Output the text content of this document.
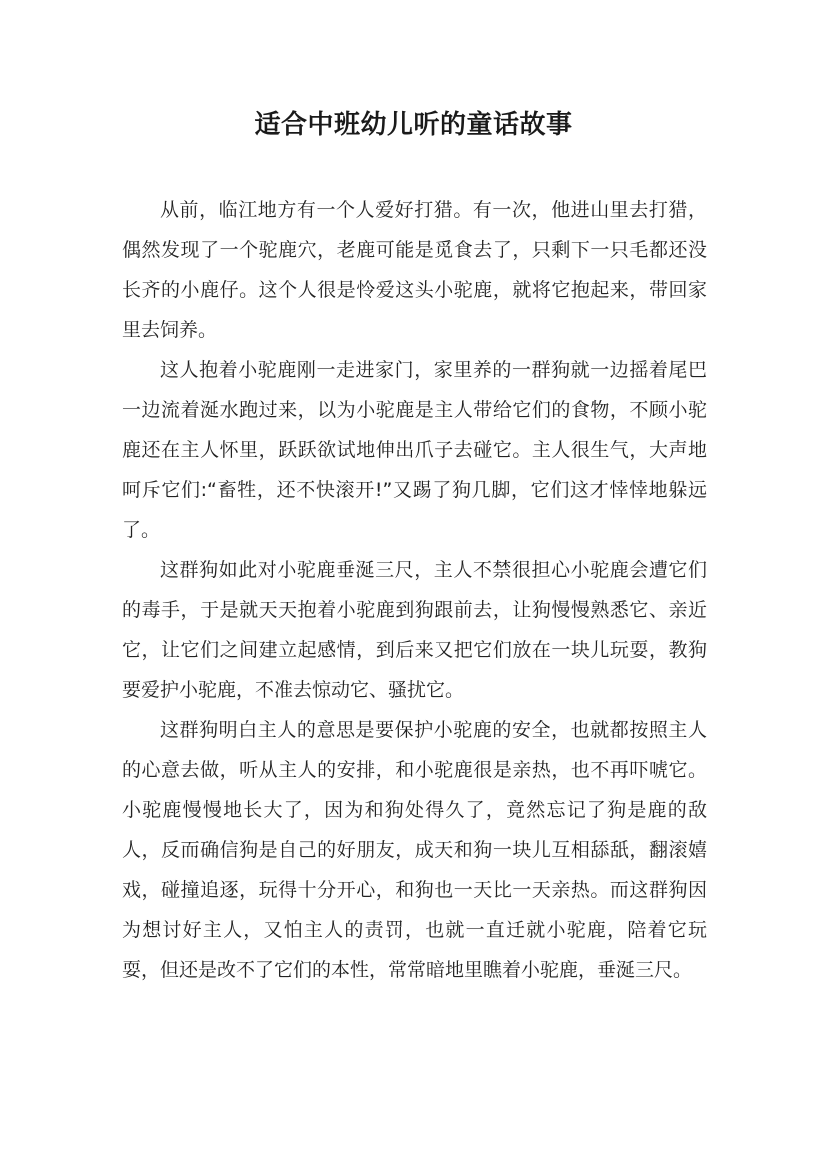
适合中班幼儿听的童话故事

从前，临江地方有一个人爱好打猎。有一次，他进山里去打猎，偶然发现了一个驼鹿穴，老鹿可能是觅食去了，只剩下一只毛都还没长齐的小鹿仔。这个人很是怜爱这头小驼鹿，就将它抱起来，带回家里去饲养。

这人抱着小驼鹿刚一走进家门，家里养的一群狗就一边摇着尾巴一边流着涎水跑过来，以为小驼鹿是主人带给它们的食物，不顾小驼鹿还在主人怀里，跃跃欲试地伸出爪子去碰它。主人很生气，大声地呵斥它们:“畜牲，还不快滚开!”又踢了狗几脚，它们这才悻悻地躲远了。

这群狗如此对小驼鹿垂涎三尺，主人不禁很担心小驼鹿会遭它们的毒手，于是就天天抱着小驼鹿到狗跟前去，让狗慢慢熟悉它、亲近它，让它们之间建立起感情，到后来又把它们放在一块儿玩耍，教狗要爱护小驼鹿，不准去惊动它、骚扰它。

这群狗明白主人的意思是要保护小驼鹿的安全，也就都按照主人的心意去做，听从主人的安排，和小驼鹿很是亲热，也不再吓唬它。小驼鹿慢慢地长大了，因为和狗处得久了，竟然忘记了狗是鹿的敌人，反而确信狗是自己的好朋友，成天和狗一块儿互相舔舐，翻滚嬉戏，碰撞追逐，玩得十分开心，和狗也一天比一天亲热。而这群狗因为想讨好主人，又怕主人的责罚，也就一直迁就小驼鹿，陪着它玩耍，但还是改不了它们的本性，常常暗地里瞧着小驼鹿，垂涎三尺。
